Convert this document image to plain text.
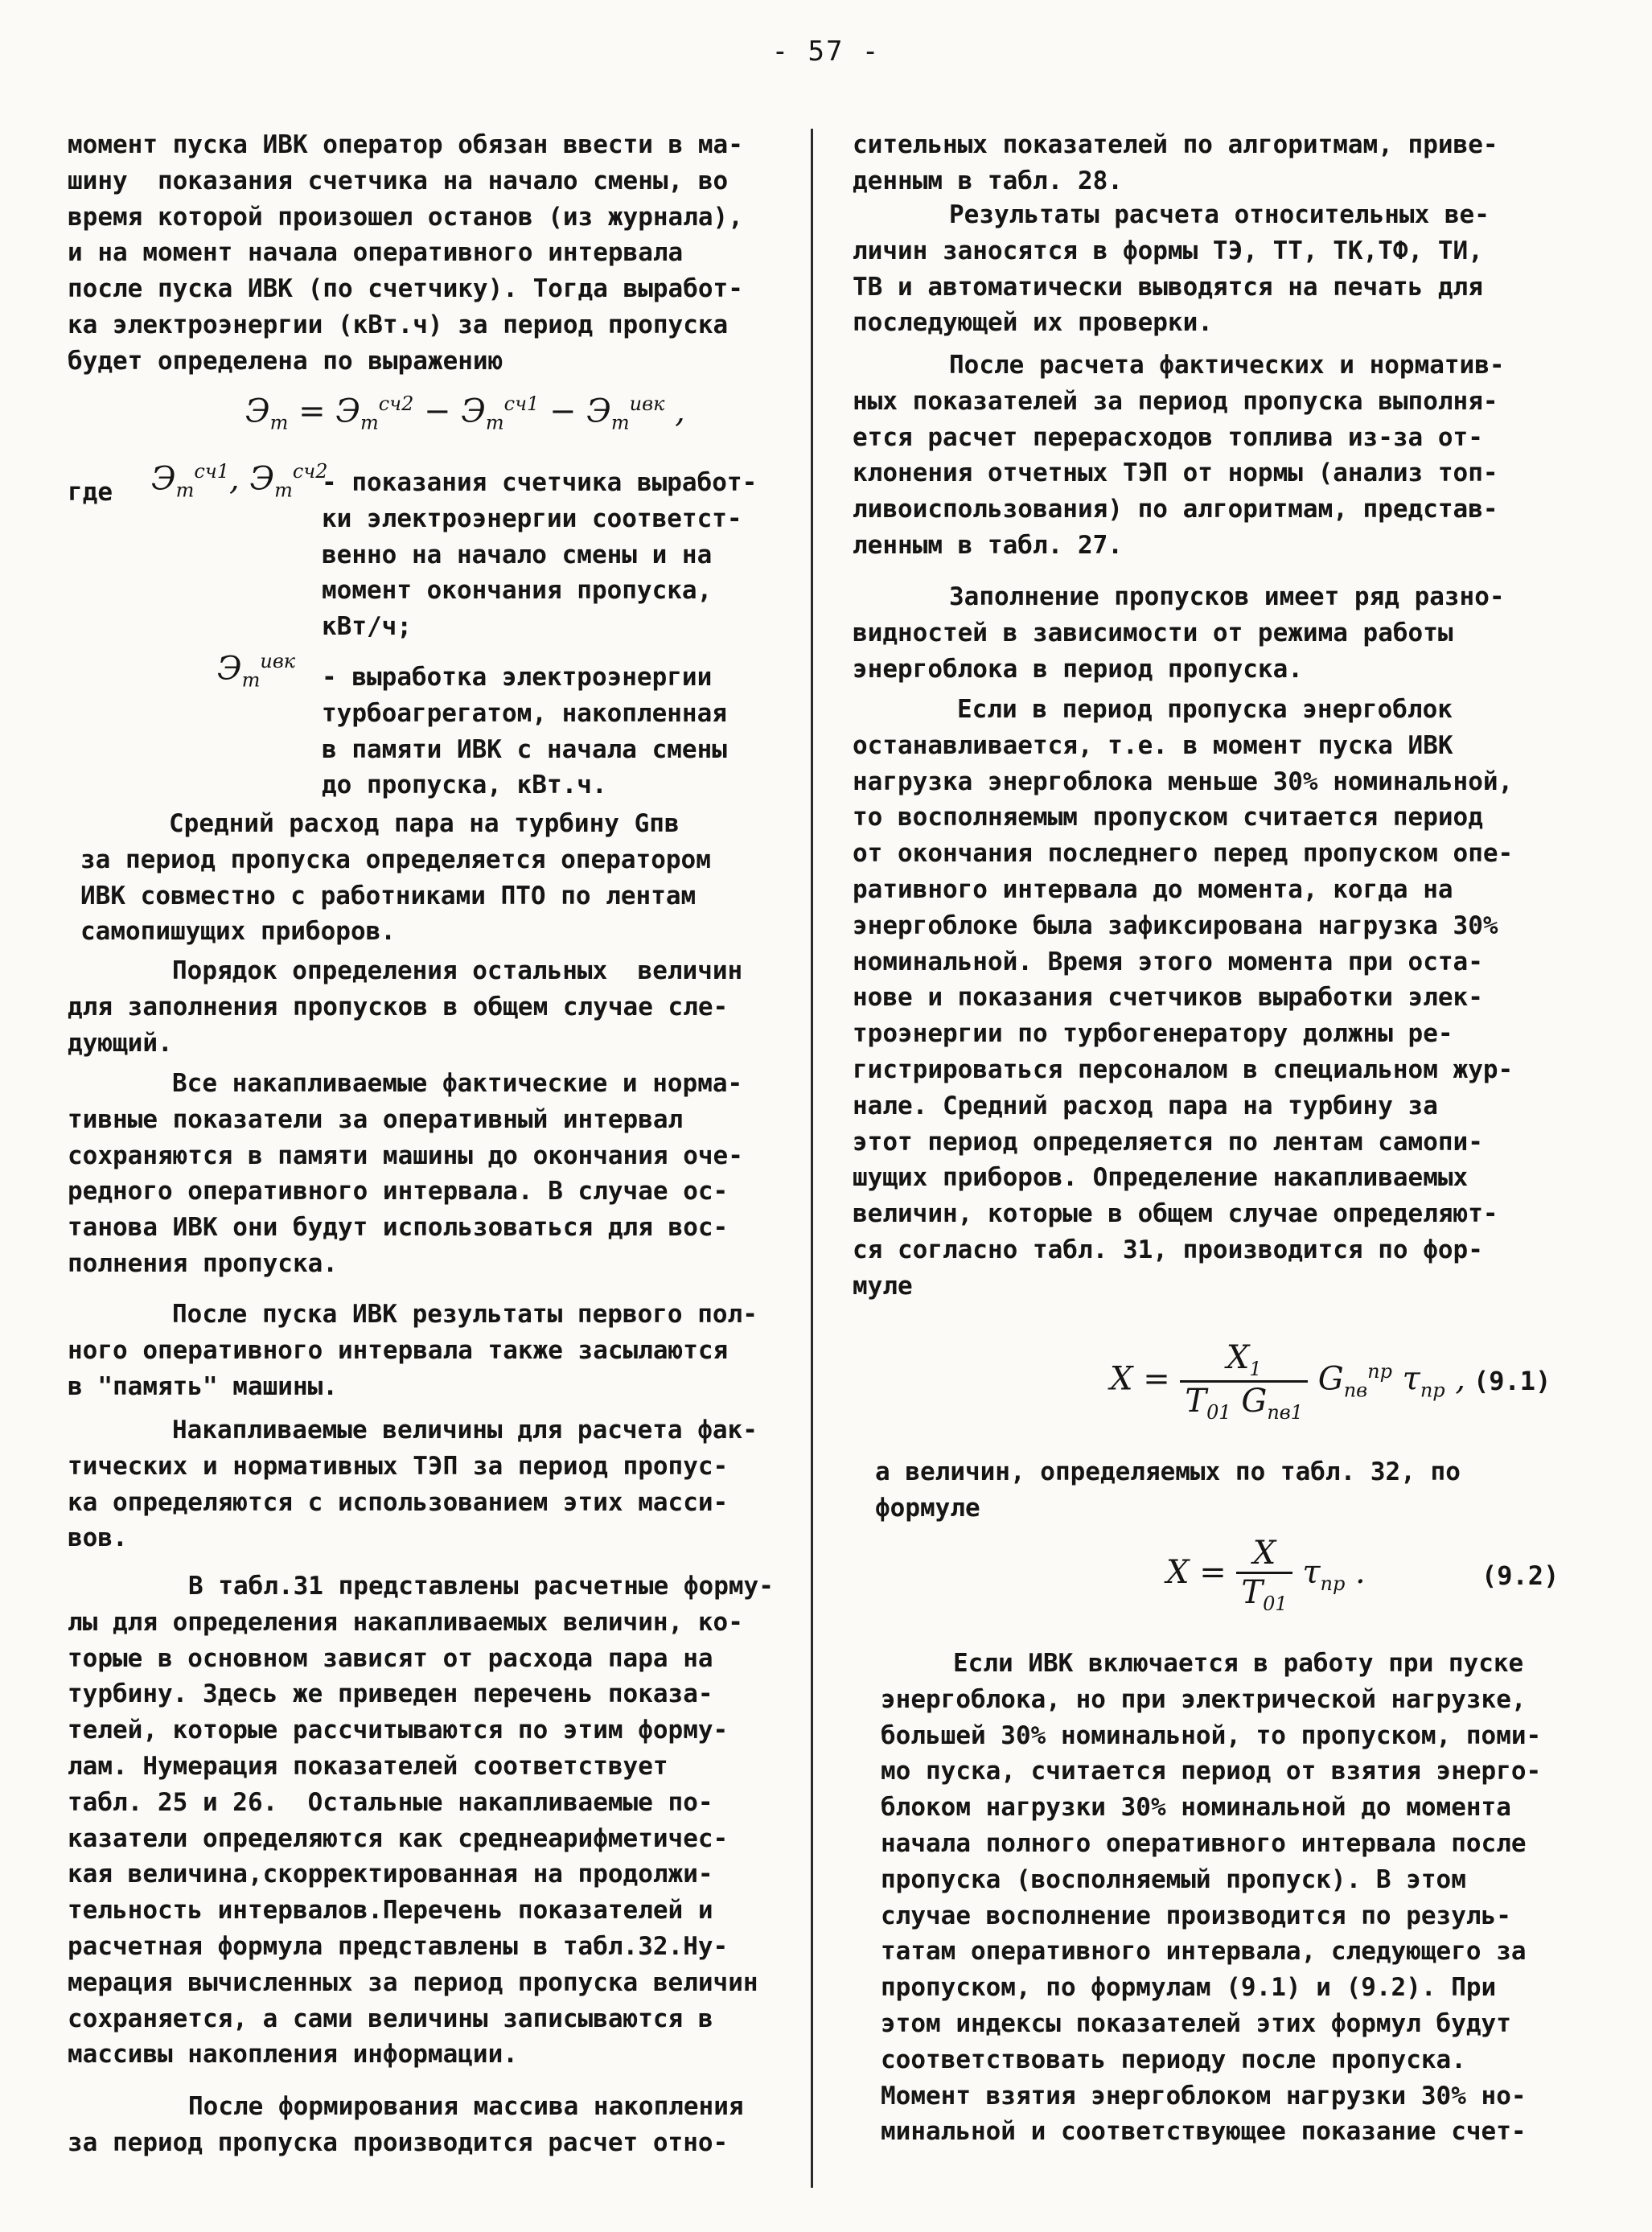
- 57 -

момент пуска ИВК оператор обязан ввести в ма-

шину  показания счетчика на начало смены, во

время которой произошел останов (из журнала),

и на момент начала оперативного интервала

после пуска ИВК (по счетчику). Тогда выработ-

ка электроэнергии (кВт.ч) за период пропуска

будет определена по выражению

$Э_т = Э_т^{сч2} - Э_т^{сч1} - Э_т^{ивк}$ ,

где $Э_т^{сч1}$, $Э_т^{сч2}$

- показания счетчика выработ-

ки электроэнергии соответст-

венно на начало смены и на

момент окончания пропуска,

кВт/ч;

$Э_т^{ивк}$

- выработка электроэнергии

турбоагрегатом, накопленная

в памяти ИВК с начала смены

до пропуска, кВт.ч.

Средний расход пара на турбину Gпв

за период пропуска определяется оператором

ИВК совместно с работниками ПТО по лентам

самопишущих приборов.

Порядок определения остальных  величин

для заполнения пропусков в общем случае сле-

дующий.

Все накапливаемые фактические и норма-

тивные показатели за оперативный интервал

сохраняются в памяти машины до окончания оче-

редного оперативного интервала. В случае ос-

танова ИВК они будут использоваться для вос-

полнения пропуска.

После пуска ИВК результаты первого пол-

ного оперативного интервала также засылаются

в "память" машины.

Накапливаемые величины для расчета фак-

тических и нормативных ТЭП за период пропус-

ка определяются с использованием этих масси-

вов.

В табл.31 представлены расчетные форму-

лы для определения накапливаемых величин, ко-

торые в основном зависят от расхода пара на

турбину. Здесь же приведен перечень показа-

телей, которые рассчитываются по этим форму-

лам. Нумерация показателей соответствует

табл. 25 и 26.  Остальные накапливаемые по-

казатели определяются как среднеарифметичес-

кая величина,скорректированная на продолжи-

тельность интервалов.Перечень показателей и

расчетная формула представлены в табл.32.Ну-

мерация вычисленных за период пропуска величин

сохраняется, а сами величины записываются в

массивы накопления информации.

После формирования массива накопления

за период пропуска производится расчет отно-

сительных показателей по алгоритмам, приве-

денным в табл. 28.

Результаты расчета относительных ве-

личин заносятся в формы ТЭ, ТТ, ТК,ТФ, ТИ,

ТВ и автоматически выводятся на печать для

последующей их проверки.

После расчета фактических и норматив-

ных показателей за период пропуска выполня-

ется расчет перерасходов топлива из-за от-

клонения отчетных ТЭП от нормы (анализ топ-

ливоиспользования) по алгоритмам, представ-

ленным в табл. 27.

Заполнение пропусков имеет ряд разно-

видностей в зависимости от режима работы

энергоблока в период пропуска.

Если в период пропуска энергоблок

останавливается, т.е. в момент пуска ИВК

нагрузка энергоблока меньше 30% номинальной,

то восполняемым пропуском считается период

от окончания последнего перед пропуском опе-

ративного интервала до момента, когда на

энергоблоке была зафиксирована нагрузка 30%

номинальной. Время этого момента при оста-

нове и показания счетчиков выработки элек-

троэнергии по турбогенератору должны ре-

гистрироваться персоналом в специальном жур-

нале. Средний расход пара на турбину за

этот период определяется по лентам самопи-

шущих приборов. Определение накапливаемых

величин, которые в общем случае определяют-

ся согласно табл. 31, производится по фор-

муле

$X = \frac{X_1}{T_{01} G_{пв1}} G_{пв}^{пр}$ $\tau_{пр}$ , (9.1)

а величин, определяемых по табл. 32, по

формуле

$X = \frac{X}{T_{01}} \tau_{пр}$ .	(9.2)

Если ИВК включается в работу при пуске

энергоблока, но при электрической нагрузке,

большей 30% номинальной, то пропуском, поми-

мо пуска, считается период от взятия энерго-

блоком нагрузки 30% номинальной до момента

начала полного оперативного интервала после

пропуска (восполняемый пропуск). В этом

случае восполнение производится по резуль-

татам оперативного интервала, следующего за

пропуском, по формулам (9.1) и (9.2). При

этом индексы показателей этих формул будут

соответствовать периоду после пропуска.

Момент взятия энергоблоком нагрузки 30% но-

минальной и соответствующее показание счет-
